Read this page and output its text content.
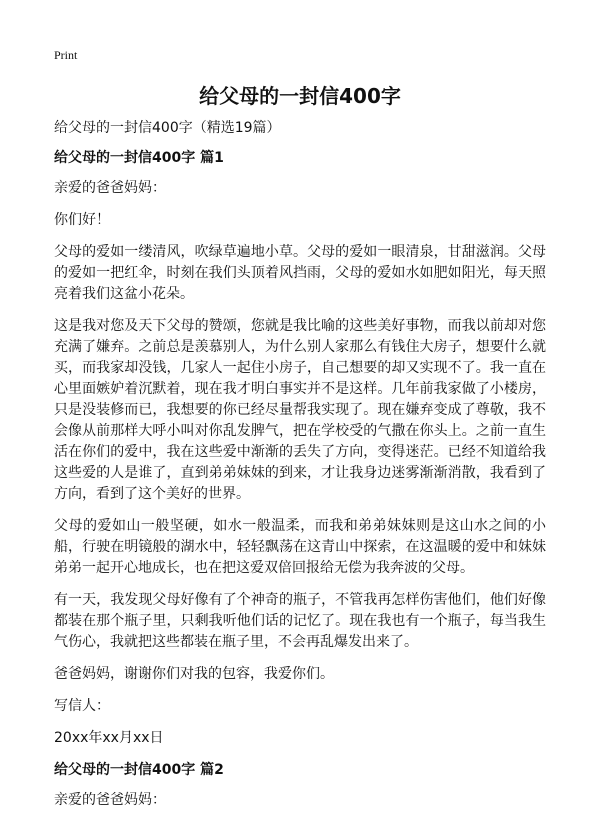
Print
给父母的一封信400字

给父母的一封信400字（精选19篇）

给父母的一封信400字 篇1

亲爱的爸爸妈妈：

你们好！

父母的爱如一缕清风，吹绿草遍地小草。父母的爱如一眼清泉，甘甜滋润。父母的爱如一把红伞，时刻在我们头顶着风挡雨，父母的爱如水如肥如阳光，每天照亮着我们这盆小花朵。

这是我对您及天下父母的赞颂，您就是我比喻的这些美好事物，而我以前却对您充满了嫌弃。之前总是羡慕别人，为什么别人家那么有钱住大房子，想要什么就买，而我家却没钱，几家人一起住小房子，自己想要的却又实现不了。我一直在心里面嫉妒着沉默着，现在我才明白事实并不是这样。几年前我家做了小楼房，只是没装修而已，我想要的你已经尽量帮我实现了。现在嫌弃变成了尊敬，我不会像从前那样大呼小叫对你乱发脾气，把在学校受的气撒在你头上。之前一直生活在你们的爱中，我在这些爱中渐渐的丢失了方向，变得迷茫。已经不知道给我这些爱的人是谁了，直到弟弟妹妹的到来，才让我身边迷雾渐渐消散，我看到了方向，看到了这个美好的世界。

父母的爱如山一般坚硬，如水一般温柔，而我和弟弟妹妹则是这山水之间的小船，行驶在明镜般的湖水中，轻轻飘荡在这青山中探索，在这温暖的爱中和妹妹弟弟一起开心地成长，也在把这爱双倍回报给无偿为我奔波的父母。

有一天，我发现父母好像有了个神奇的瓶子，不管我再怎样伤害他们，他们好像都装在那个瓶子里，只剩我听他们话的记忆了。现在我也有一个瓶子，每当我生气伤心，我就把这些都装在瓶子里，不会再乱爆发出来了。

爸爸妈妈，谢谢你们对我的包容，我爱你们。

写信人：

20xx年xx月xx日

给父母的一封信400字 篇2

亲爱的爸爸妈妈：
